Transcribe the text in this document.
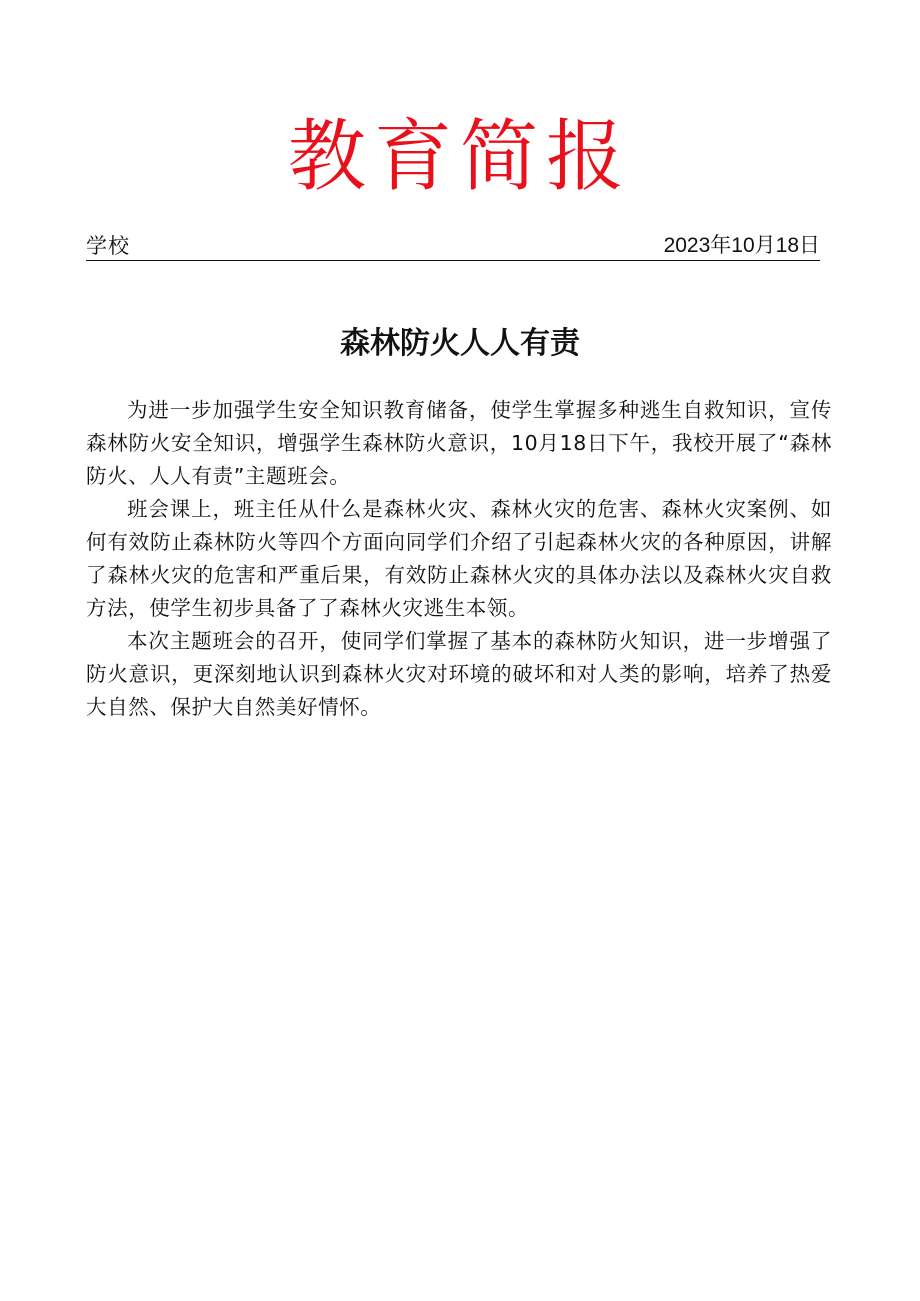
教育简报
学校	2023年10月18日
森林防火人人有责

为进一步加强学生安全知识教育储备，使学生掌握多种逃生自救知识，宣传森林防火安全知识，增强学生森林防火意识，10月18日下午，我校开展了“森林防火、人人有责”主题班会。

班会课上，班主任从什么是森林火灾、森林火灾的危害、森林火灾案例、如何有效防止森林防火等四个方面向同学们介绍了引起森林火灾的各种原因，讲解了森林火灾的危害和严重后果，有效防止森林火灾的具体办法以及森林火灾自救方法，使学生初步具备了了森林火灾逃生本领。

本次主题班会的召开，使同学们掌握了基本的森林防火知识，进一步增强了防火意识，更深刻地认识到森林火灾对环境的破坏和对人类的影响，培养了热爱大自然、保护大自然美好情怀。
